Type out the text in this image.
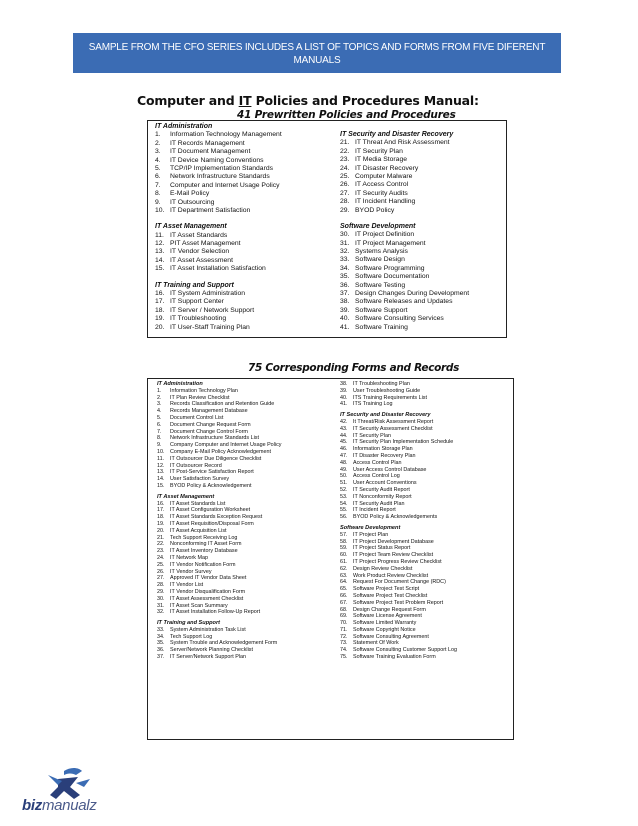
SAMPLE FROM THE CFO SERIES INCLUDES A LIST OF TOPICS AND FORMS FROM FIVE DIFERENT MANUALS
Computer and IT Policies and Procedures Manual:
41 Prewritten Policies and Procedures
IT Administration
1.	Information Technology Management
2.	IT Records Management
3.	IT Document Management
4.	IT Device Naming Conventions
5.	TCP/IP Implementation Standards
6.	Network Infrastructure Standards
7.	Computer and Internet Usage Policy
8.	E-Mail Policy
9.	IT Outsourcing
10. IT Department Satisfaction
IT Asset Management
11. IT Asset Standards
12. PIT Asset Management
13. IT Vendor Selection
14. IT Asset Assessment
15. IT Asset Installation Satisfaction
IT Training and Support
16. IT System Administration
17. IT Support Center
18. IT Server / Network Support
19. IT Troubleshooting
20. IT User-Staff Training Plan
IT Security and Disaster Recovery
21. IT Threat And Risk Assessment
22. IT Security Plan
23. IT Media Storage
24. IT Disaster Recovery
25. Computer Malware
26. IT Access Control
27. IT Security Audits
28. IT Incident Handling
29. BYOD Policy
Software Development
30. IT Project Definition
31. IT Project Management
32. Systems Analysis
33. Software Design
34. Software Programming
35. Software Documentation
36. Software Testing
37. Design Changes During Development
38. Software Releases and Updates
39. Software Support
40. Software Consulting Services
41. Software Training
75 Corresponding Forms and Records
IT Administration
1.	Information Technology Plan
2.	IT Plan Review Checklist
3.	Records Classification and Retention Guide
4.	Records Management Database
5.	Document Control List
6.	Document Change Request Form
7.	Document Change Control Form
8.	Network Infrastructure Standards List
9.	Company Computer and Internet Usage Policy
10.	Company E-Mail Policy Acknowledgement
11.	IT Outsourcer Due Diligence Checklist
12.	IT Outsourcer Record
13.	IT Post-Service Satisfaction Report
14.	User Satisfaction Survey
15.	BYOD Policy & Acknowledgement
IT Asset Management
16.	IT Asset Standards List
17.	IT Asset Configuration Worksheet
18.	IT Asset Standards Exception Request
19.	IT Asset Requisition/Disposal Form
20.	IT Asset Acquisition List
21.	Tech Support Receiving Log
22.	Nonconforming IT Asset Form
23.	IT Asset Inventory Database
24.	IT Network Map
25.	IT Vendor Notification Form
26.	IT Vendor Survey
27.	Approved IT Vendor Data Sheet
28.	IT Vendor List
29.	IT Vendor Disqualification Form
30.	IT Asset Assessment Checklist
31.	IT Asset Scan Summary
32.	IT Asset Installation Follow-Up Report
IT Training and Support
33.	System Administration Task List
34.	Tech Support Log
35.	System Trouble and Acknowledgement Form
36.	Server/Network Planning Checklist
37.	IT Server/Network Support Plan
38.	IT Troubleshooting Plan
39.	User Troubleshooting Guide
40.	ITS Training Requirements List
41.	ITS Training Log
IT Security and Disaster Recovery
42.	It Threat/Risk Assessment Report
43.	IT Security Assessment Checklist
44.	IT Security Plan
45.	IT Security Plan Implementation Schedule
46.	Information Storage Plan
47.	IT Disaster Recovery Plan
48.	Access Control Plan
49.	User Access Control Database
50.	Access Control Log
51.	User Account Conventions
52.	IT Security Audit Report
53.	IT Nonconformity Report
54.	IT Security Audit Plan
55.	IT Incident Report
56.	BYOD Policy & Acknowledgements
Software Development
57.	IT Project Plan
58.	IT Project Development Database
59.	IT Project Status Report
60.	IT Project Team Review Checklist
61.	IT Project Progress Review Checklist
62.	Design Review Checklist
63.	Work Product Review Checklist
64.	Request For Document Change (RDC)
65.	Software Project Test Script
66.	Software Project Test Checklist
67.	Software Project Test Problem Report
68.	Design Change Request Form
69.	Software License Agreement
70.	Software Limited Warranty
71.	Software Copyright Notice
72.	Software Consulting Agreement
73.	Statement Of Work
74.	Software Consulting Customer Support Log
75.	Software Training Evaluation Form
bizmanualz
